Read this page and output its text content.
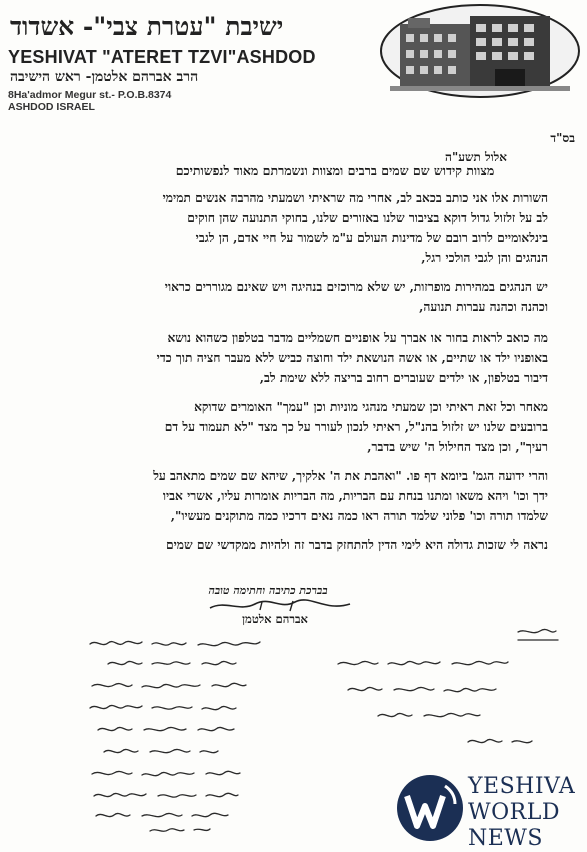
ישיבת "עטרת צבי"- אשדוד
YESHIVAT "ATERET TZVI"ASHDOD
הרב אברהם אלטמן- ראש הישיבה
8Ha'admor Megur st.- P.O.B.8374
ASHDOD ISRAEL
בס"ד
אלול תשע"ה
מצוות קידוש שם שמים ברבים ומצוות ונשמרתם מאוד לנפשותיכם
השורות אלו אני כותב בכאב לב, אחרי מה שראיתי ושמעתי מהרבה אנשים תמימי
לב על זלזול גדול דוקא בציבור שלנו באזורים שלנו, בחוקי התנועה שהן חוקים
בינלאומיים לרוב רובם של מדינות העולם ע"מ לשמור על חיי אדם, הן לגבי
הנהגים והן לגבי הולכי רגל,
יש הנהגים במהירות מופרזות, יש שלא מרוכזים בנהיגה ויש שאינם מגוררים כראוי
וכהנה וכהנה עברות תנועה,
מה כואב לראות בחור או אברך על אופניים חשמליים מדבר בטלפון כשהוא נושא
באופניו ילד או שתיים, או אשה הנושאת ילד וחוצה כביש ללא מעבר חציה תוך כדי
דיבור בטלפון, או ילדים שעוברים רחוב בריצה ללא שימת לב,
מאחר וכל זאת ראיתי וכן שמעתי מנהגי מוניות וכן "עמך" האומרים שדוקא
ברובעים שלנו יש זלזול בהנ"ל, ראיתי לנכון לעורר על כך מצד "לא תעמוד על דם
רעיך", וכן מצד החילול ה' שיש בדבר,
והרי ידועה הגמ' ביומא דף פו. "ואהבת את ה' אלקיך, שיהא שם שמים מתאהב על
ידך וכו' ויהא משאו ומתנו בנחת עם הבריות, מה הבריות אומרות עליו, אשרי אביו
שלמדו תורה וכו' פלוני שלמד תורה ראו כמה נאים דרכיו כמה מתוקנים מעשיו",
נראה לי שזכות גדולה היא לימי הדין להתחזק בדבר זה ולהיות ממקדשי שם שמים
בברכת כתיבה וחתימה טובה
אברהם אלטמן
YESHIVA
WORLD
NEWS
